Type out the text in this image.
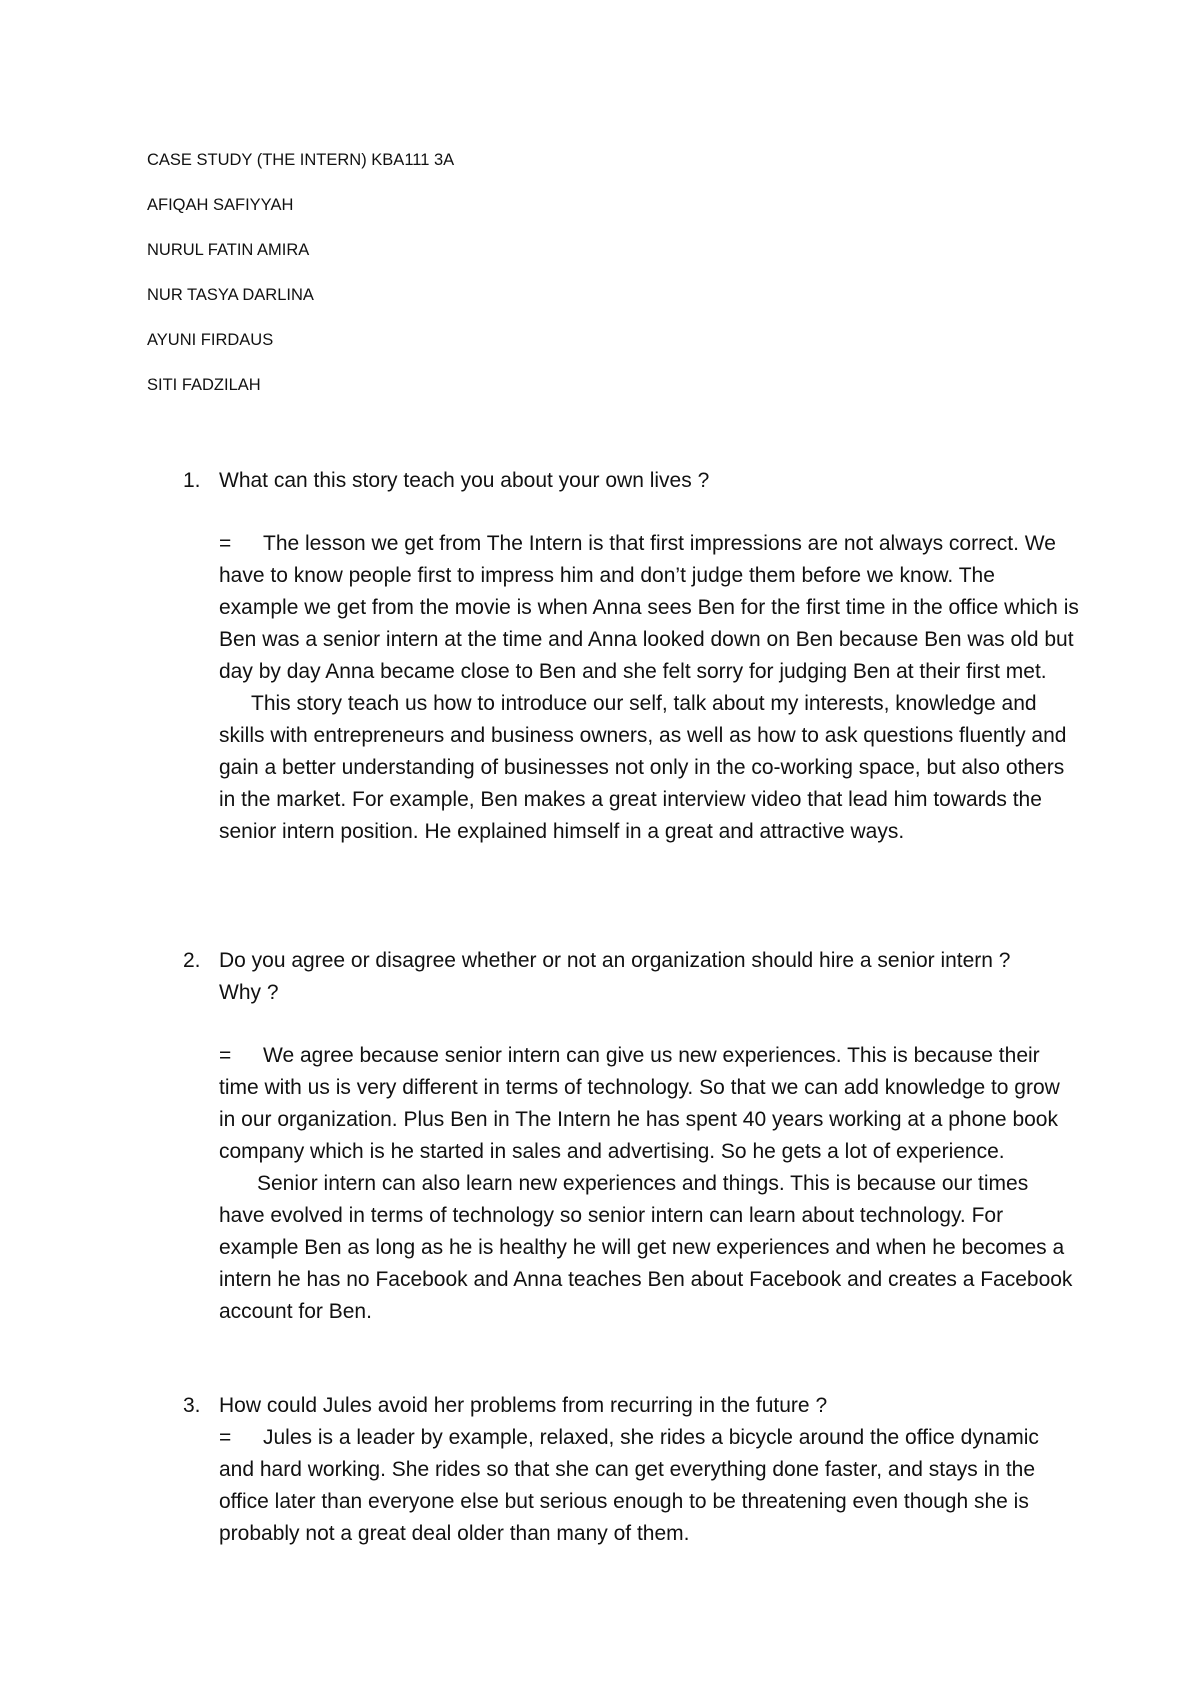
CASE STUDY (THE INTERN) KBA111 3A
AFIQAH SAFIYYAH
NURUL FATIN AMIRA
NUR TASYA DARLINA
AYUNI FIRDAUS
SITI FADZILAH
1. What can this story teach you about your own lives ?

= The lesson we get from The Intern is that first impressions are not always correct. We have to know people first to impress him and don’t judge them before we know. The example we get from the movie is when Anna sees Ben for the first time in the office which is Ben was a senior intern at the time and Anna looked down on Ben because Ben was old but day by day Anna became close to Ben and she felt sorry for judging Ben at their first met.

This story teach us how to introduce our self, talk about my interests, knowledge and skills with entrepreneurs and business owners, as well as how to ask questions fluently and gain a better understanding of businesses not only in the co-working space, but also others in the market. For example, Ben makes a great interview video that lead him towards the senior intern position. He explained himself in a great and attractive ways.

2. Do you agree or disagree whether or not an organization should hire a senior intern ?
Why ?

= We agree because senior intern can give us new experiences. This is because their time with us is very different in terms of technology. So that we can add knowledge to grow in our organization. Plus Ben in The Intern he has spent 40 years working at a phone book company which is he started in sales and advertising. So he gets a lot of experience.

Senior intern can also learn new experiences and things. This is because our times have evolved in terms of technology so senior intern can learn about technology. For example Ben as long as he is healthy he will get new experiences and when he becomes a intern he has no Facebook and Anna teaches Ben about Facebook and creates a Facebook account for Ben.

3. How could Jules avoid her problems from recurring in the future ?

= Jules is a leader by example, relaxed, she rides a bicycle around the office dynamic and hard working. She rides so that she can get everything done faster, and stays in the office later than everyone else but serious enough to be threatening even though she is probably not a great deal older than many of them.
